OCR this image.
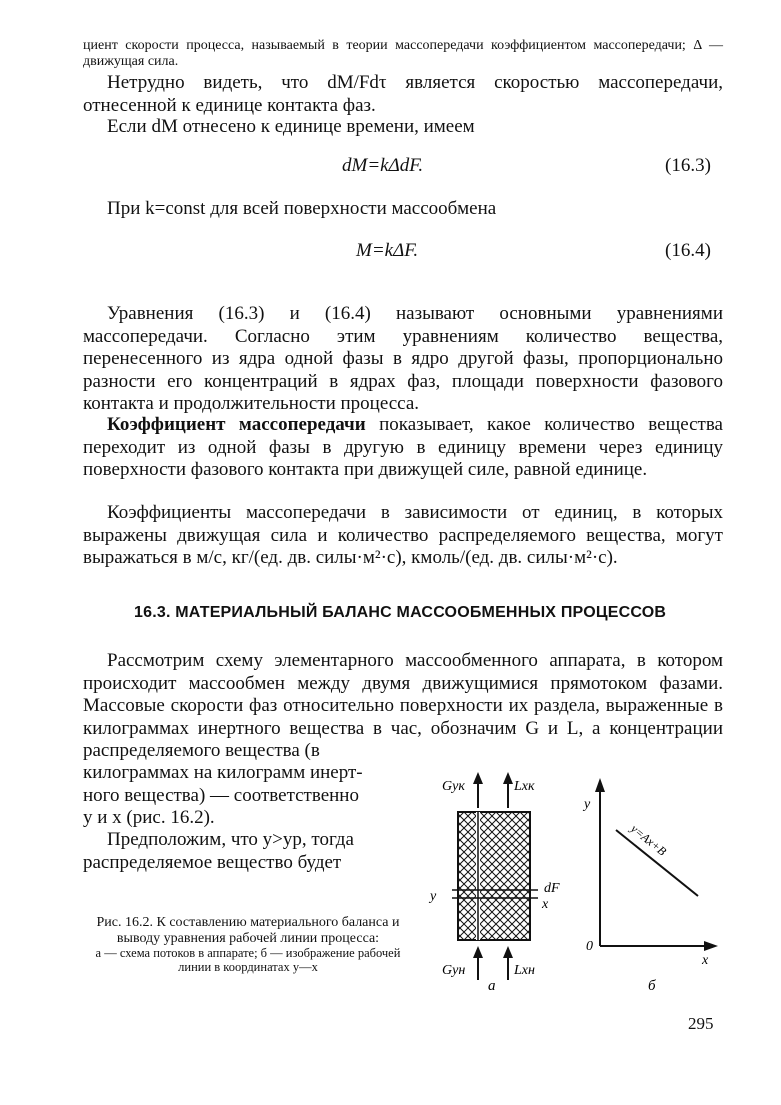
циент скорости процесса, называемый в теории массопередачи коэффициентом массопередачи; Δ — движущая сила.

Нетрудно видеть, что dM/Fdτ является скоростью массопередачи, отнесенной к единице контакта фаз.

Если dM отнесено к единице времени, имеем

dM=kΔdF.	(16.3)

При k=const для всей поверхности массообмена

M=kΔF.	(16.4)

Уравнения (16.3) и (16.4) называют основными уравнениями массопередачи. Согласно этим уравнениям количество вещества, перенесенного из ядра одной фазы в ядро другой фазы, пропорционально разности его концентраций в ядрах фаз, площади поверхности фазового контакта и продолжительности процесса.

Коэффициент массопередачи показывает, какое количество вещества переходит из одной фазы в другую в единицу времени через единицу поверхности фазового контакта при движущей силе, равной единице.

Коэффициенты массопередачи в зависимости от единиц, в которых выражены движущая сила и количество распределяемого вещества, могут выражаться в м/с, кг/(ед. дв. силы·м²·с), кмоль/(ед. дв. силы·м²·с).

16.3. МАТЕРИАЛЬНЫЙ БАЛАНС МАССООБМЕННЫХ ПРОЦЕССОВ

Рассмотрим схему элементарного массообменного аппарата, в котором происходит массообмен между двумя движущимися прямотоком фазами. Массовые скорости фаз относительно поверхности их раздела, выраженные в килограммах инертного вещества в час, обозначим G и L, а концентрации распределяемого вещества (в

килограммах на килограмм инерт-
ного вещества) — соответственно
y и x (рис. 16.2).
Предположим, что y>yр, тогда
распределяемое вещество будет
Рис. 16.2. К составлению материального баланса и выводу уравнения рабочей линии процесса:
а — схема потоков в аппарате; б — изображение рабочей линии в координатах y—x
Gyк	Lxк
Gyн	Lxн
y
x
dF
а
y
x
0
y=Ax+B
б
295
